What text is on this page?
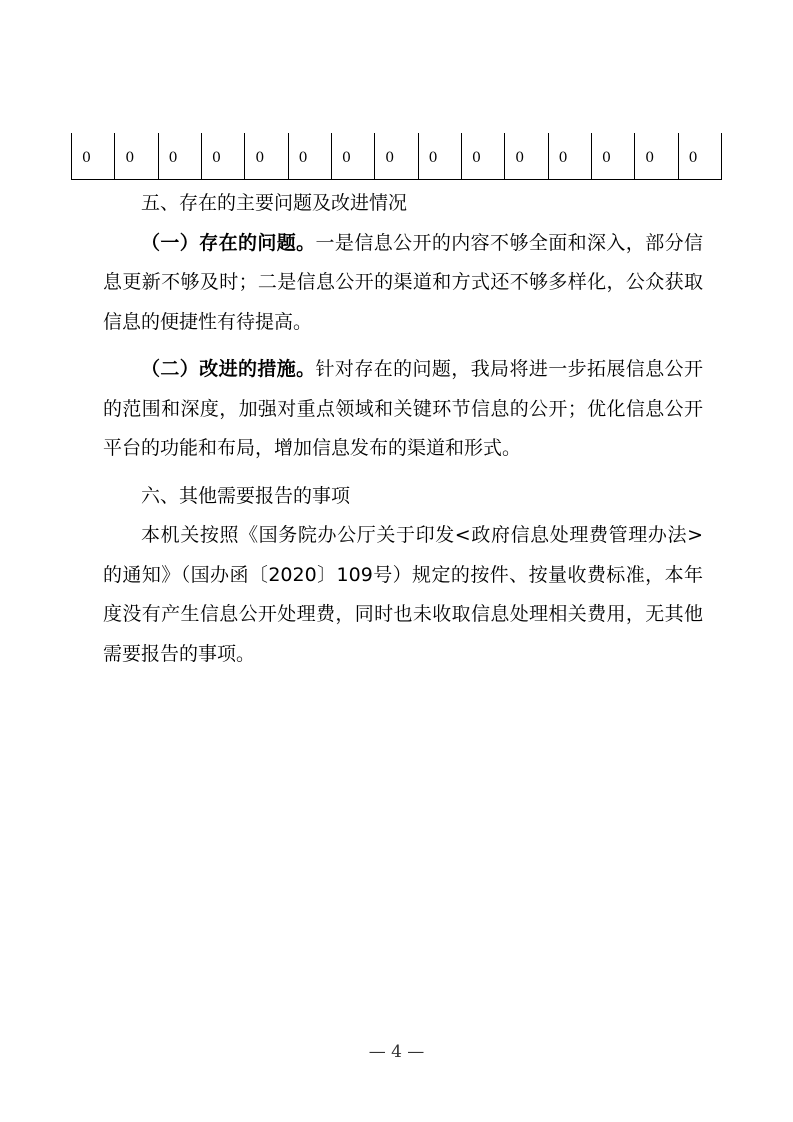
0 0 0 0 0 0 0 0 0 0 0 0 0 0 0

五、存在的主要问题及改进情况

（一）存在的问题。一是信息公开的内容不够全面和深入，部分信息更新不够及时；二是信息公开的渠道和方式还不够多样化，公众获取信息的便捷性有待提高。

（二）改进的措施。针对存在的问题，我局将进一步拓展信息公开的范围和深度，加强对重点领域和关键环节信息的公开；优化信息公开平台的功能和布局，增加信息发布的渠道和形式。

六、其他需要报告的事项

本机关按照《国务院办公厅关于印发<政府信息处理费管理办法>的通知》（国办函〔2020〕109号）规定的按件、按量收费标准，本年度没有产生信息公开处理费，同时也未收取信息处理相关费用，无其他需要报告的事项。

— 4 —
